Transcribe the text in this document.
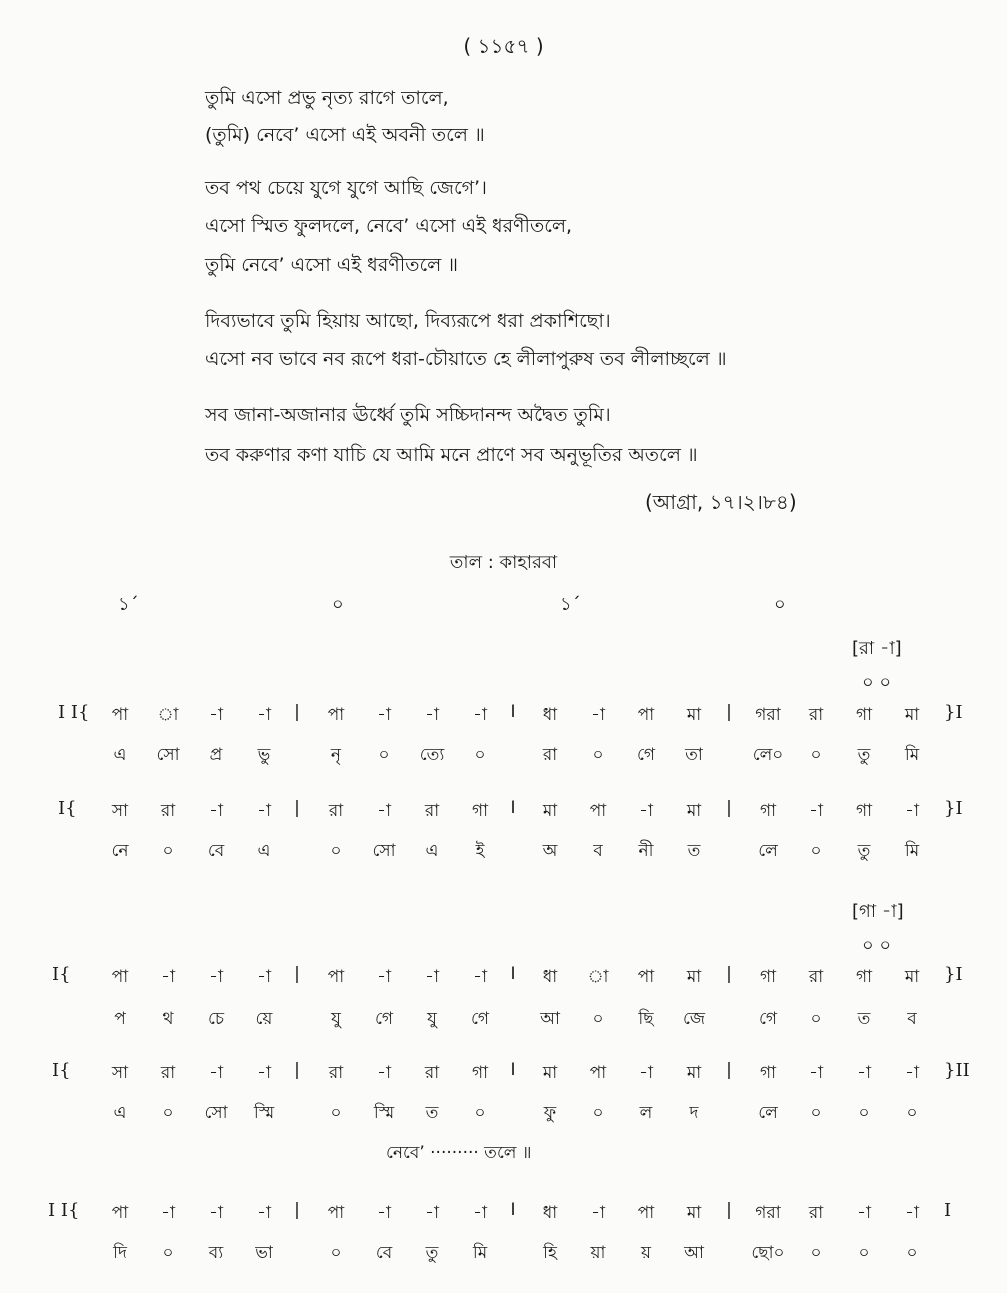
( ১১৫৭ )
তুমি এসো প্রভু নৃত্য রাগে তালে,
(তুমি) নেবে’ এসো এই অবনী তলে ॥
তব পথ চেয়ে যুগে যুগে আছি জেগে’।
এসো স্মিত ফুলদলে, নেবে’ এসো এই ধরণীতলে,
তুমি নেবে’ এসো এই ধরণীতলে ॥
দিব্যভাবে তুমি হিয়ায় আছো, দিব্যরূপে ধরা প্রকাশিছো।
এসো নব ভাবে নব রূপে ধরা-চৌয়াতে হে লীলাপুরুষ তব লীলাচ্ছলে ॥
সব জানা-অজানার ঊর্ধ্বে তুমি সচ্চিদানন্দ অদ্বৈত তুমি।
তব করুণার কণা যাচি যে আমি মনে প্রাণে সব অনুভূতির অতলে ॥
(আগ্রা, ১৭।২।৮৪)
তাল : কাহারবা
১´	০	১´	০
[রা -া]
০ ০
[গা -া]
০ ০
I I{	পা	া	-া	-া	|	পা	-া	-া	-া	I	ধা	-া	পা	মা	|	গরা	রা	গা	মা	}I
এ	সো	প্র	ভু	নৃ	০	ত্যে	০	রা	০	গে	তা	লে০	০	তু	মি
I{	সা	রা	-া	-া	|	রা	-া	রা	গা	I	মা	পা	-া	মা	|	গা	-া	গা	-া	}I
নে	০	বে	এ	০	সো	এ	ই	অ	ব	নী	ত	লে	০	তু	মি
I{	পা	-া	-া	-া	|	পা	-া	-া	-া	I	ধা	া	পা	মা	|	গা	রা	গা	মা	}I
প	থ	চে	য়ে	যু	গে	যু	গে	আ	০	ছি	জে	গে	০	ত	ব
I{	সা	রা	-া	-া	|	রা	-া	রা	গা	I	মা	পা	-া	মা	|	গা	-া	-া	-া	}II
এ	০	সো	স্মি	০	স্মি	ত	০	ফু	০	ল	দ	লে	০	০	০
I I{	পা	-া	-া	-া	|	পা	-া	-া	-া	I	ধা	-া	পা	মা	|	গরা	রা	-া	-া	I
দি	০	ব্য	ভা	০	বে	তু	মি	হি	য়া	য়	আ	ছো০	০	০	০
নেবে’ ········· তলে ॥
